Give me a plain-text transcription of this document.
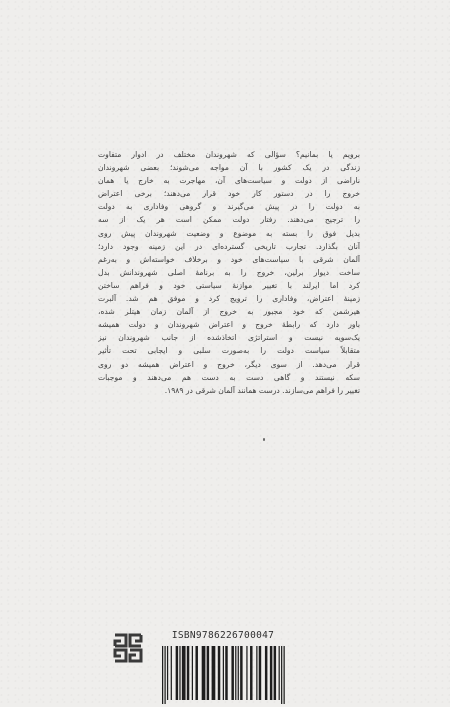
برویم یا بمانیم؟ سؤالی که شهروندان مختلف در ادوار متفاوت
زندگی در یک کشور با آن مواجه می‌شوند؛ بعضی شهروندان
ناراضی از دولت و سیاست‌های آن، مهاجرت به خارج یا همان
خروج را در دستور کار خود قرار می‌دهند؛ برخی اعتراض
به دولت را در پیش می‌گیرند و گروهی وفاداری به دولت
را ترجیح می‌دهند. رفتار دولت ممکن است هر یک از سه
بدیل فوق را بسته به موضوع و وضعیت شهروندان پیش روی
آنان بگذارد. تجارب تاریخی گسترده‌ای در این زمینه وجود دارد؛
آلمان شرقی با سیاست‌های خود و برخلاف خواسته‌اش و به‌رغم
ساخت دیوار برلین، خروج را به برنامهٔ اصلی شهروندانش بدل
کرد اما ایرلند با تغییر موازنهٔ سیاستی خود و فراهم ساختن
زمینهٔ اعتراض، وفاداری را ترویج کرد و موفق هم شد. آلبرت
هیرشمن که خود مجبور به خروج از آلمان زمان هیتلر شده،
باور دارد که رابطهٔ خروج و اعتراض شهروندان و دولت همیشه
یک‌سویه نیست و استراتژی اتخاذشده از جانب شهروندان نیز
متقابلاً سیاست دولت را به‌صورت سلبی و ایجابی تحت تأثیر
قرار می‌دهد. از سوی دیگر، خروج و اعتراض همیشه دو روی
سکه نیستند و گاهی دست به دست هم می‌دهند و موجبات
تغییر را فراهم می‌سازند. درست همانند آلمان شرقی در ۱۹۸۹.
ISBN9786226700047
